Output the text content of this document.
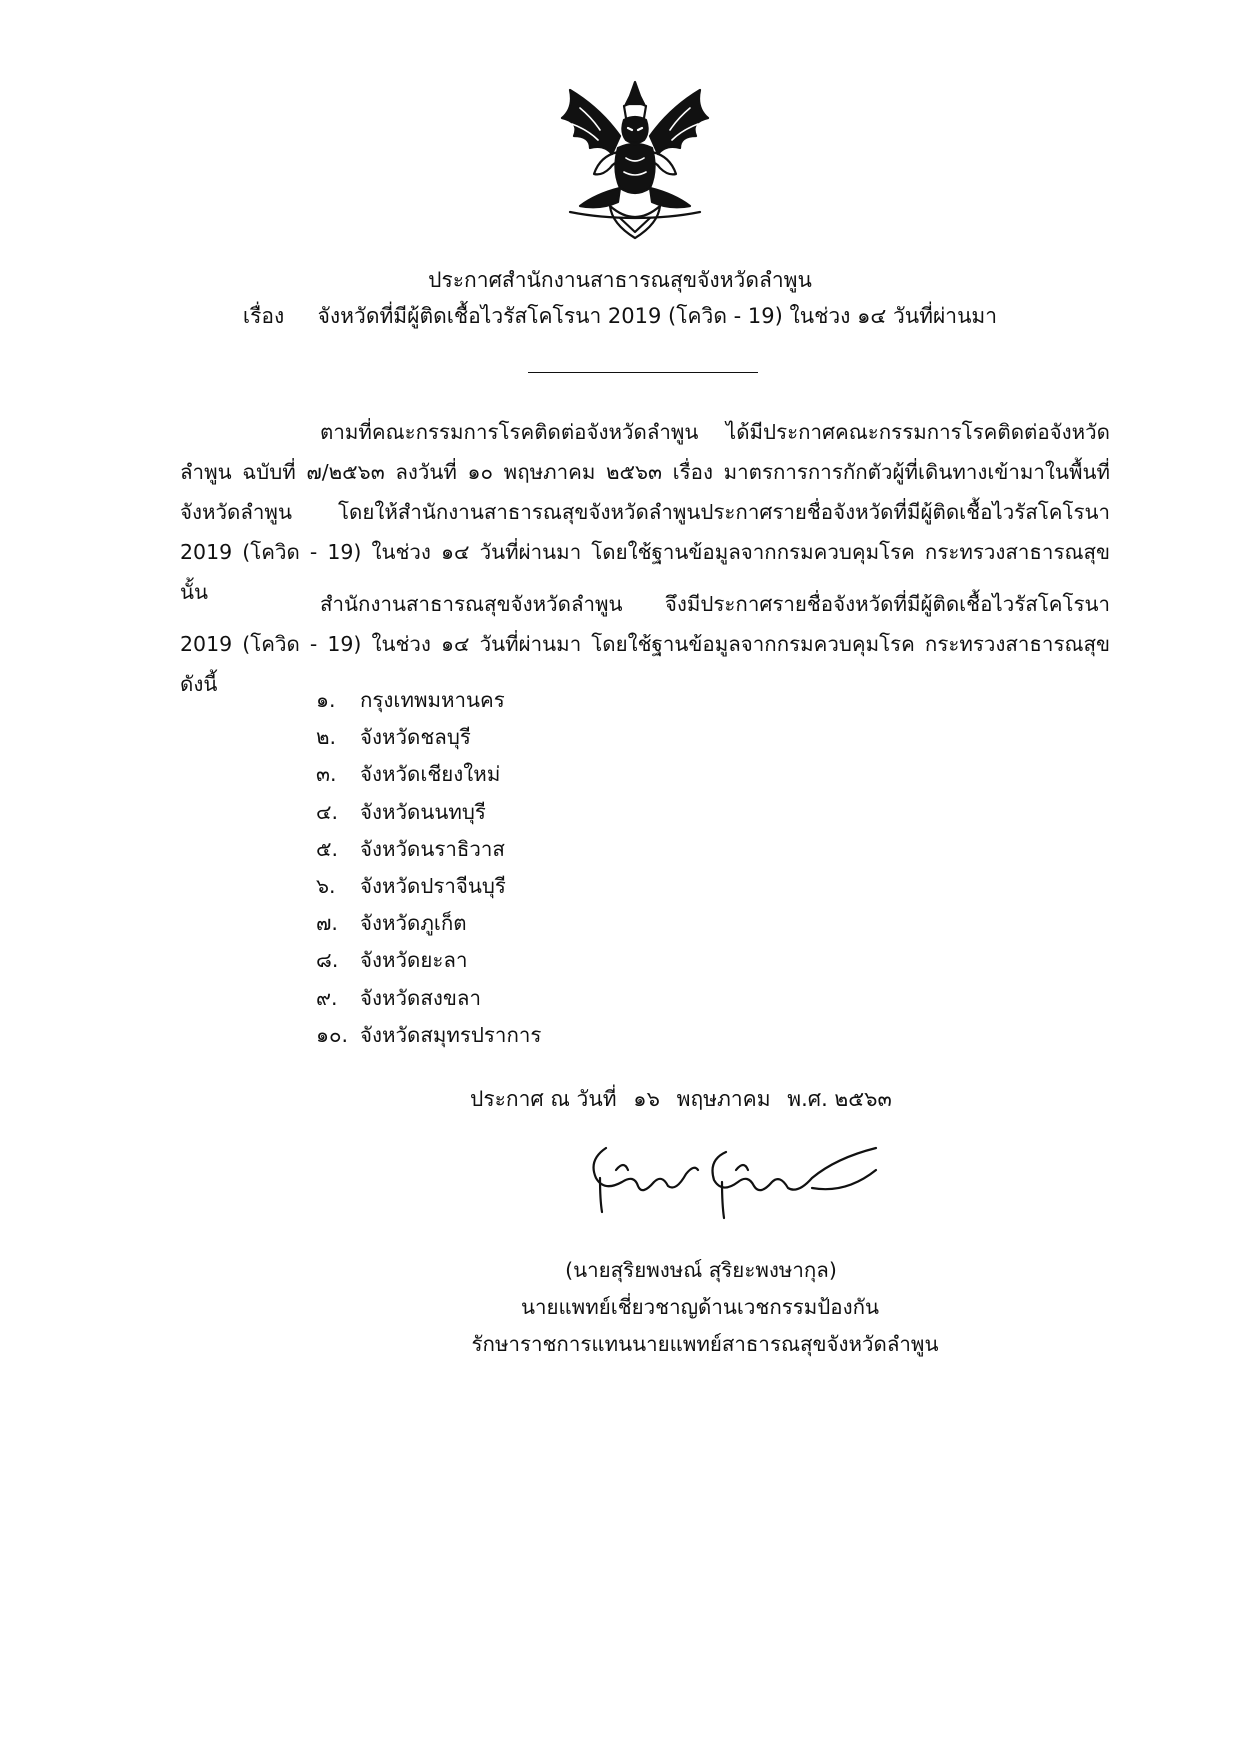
ประกาศสำนักงานสาธารณสุขจังหวัดลำพูน
เรื่อง จังหวัดที่มีผู้ติดเชื้อไวรัสโคโรนา 2019 (โควิด - 19) ในช่วง ๑๔ วันที่ผ่านมา
ตามที่คณะกรรมการโรคติดต่อจังหวัดลำพูน ได้มีประกาศคณะกรรมการโรคติดต่อจังหวัดลำพูน ฉบับที่ ๗/๒๕๖๓ ลงวันที่ ๑๐ พฤษภาคม ๒๕๖๓ เรื่อง มาตรการการกักตัวผู้ที่เดินทางเข้ามาในพื้นที่จังหวัดลำพูน โดยให้สำนักงานสาธารณสุขจังหวัดลำพูนประกาศรายชื่อจังหวัดที่มีผู้ติดเชื้อไวรัสโคโรนา 2019 (โควิด - 19) ในช่วง ๑๔ วันที่ผ่านมา โดยใช้ฐานข้อมูลจากกรมควบคุมโรค กระทรวงสาธารณสุข นั้น	สำนักงานสาธารณสุขจังหวัดลำพูน จึงมีประกาศรายชื่อจังหวัดที่มีผู้ติดเชื้อไวรัสโคโรนา 2019 (โควิด - 19) ในช่วง ๑๔ วันที่ผ่านมา โดยใช้ฐานข้อมูลจากกรมควบคุมโรค กระทรวงสาธารณสุข ดังนี้
๑.	กรุงเทพมหานคร
๒.	จังหวัดชลบุรี
๓.	จังหวัดเชียงใหม่
๔.	จังหวัดนนทบุรี
๕.	จังหวัดนราธิวาส
๖.	จังหวัดปราจีนบุรี
๗.	จังหวัดภูเก็ต
๘.	จังหวัดยะลา
๙.	จังหวัดสงขลา
๑๐. จังหวัดสมุทรปราการ
ประกาศ ณ วันที่ ๑๖ พฤษภาคม พ.ศ. ๒๕๖๓
(นายสุริยพงษณ์ สุริยะพงษากุล)
นายแพทย์เชี่ยวชาญด้านเวชกรรมป้องกัน
รักษาราชการแทนนายแพทย์สาธารณสุขจังหวัดลำพูน
